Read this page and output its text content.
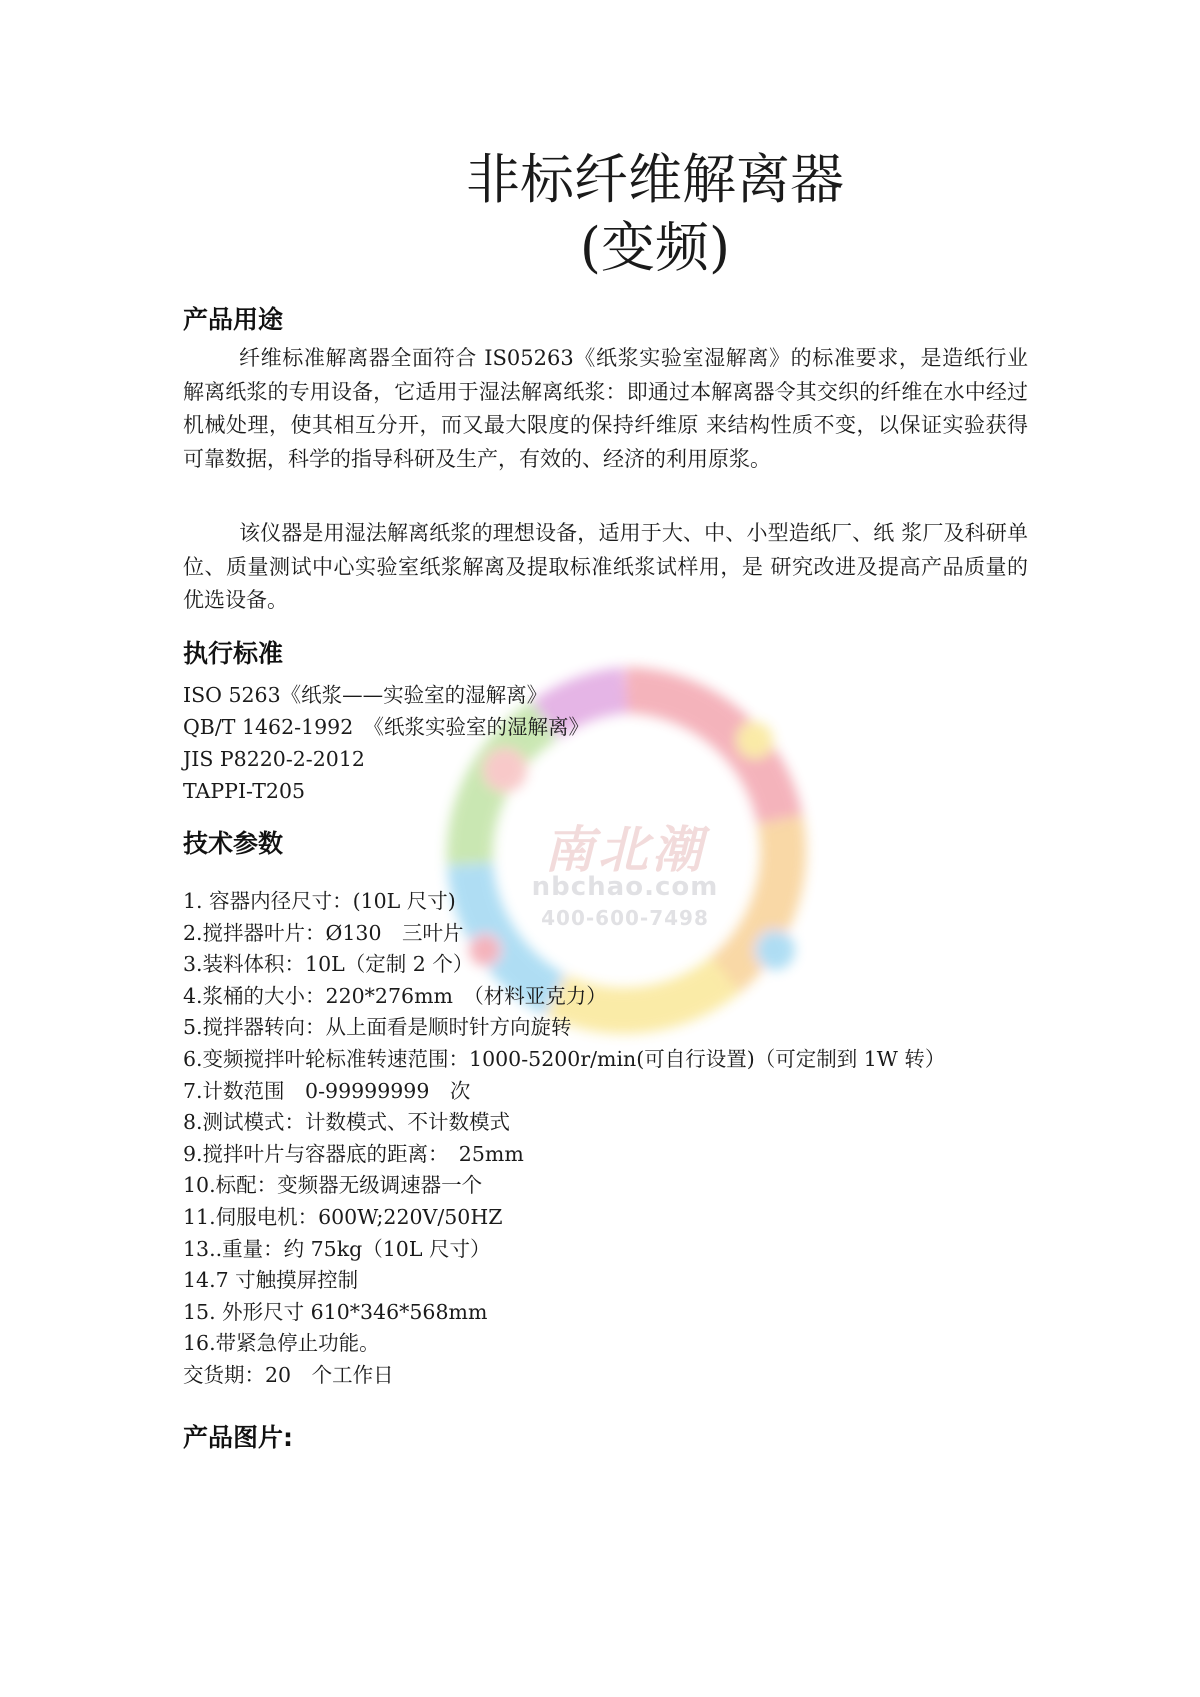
南北潮
nbchao.com
400-600-7498
非标纤维解离器
(变频)
产品用途

纤维标准解离器全面符合 IS05263《纸浆实验室湿解离》的标准要求，是造纸行业解离纸浆的专用设备，它适用于湿法解离纸浆：即通过本解离器令其交织的纤维在水中经过机械处理，使其相互分开，而又最大限度的保持纤维原 来结构性质不变，以保证实验获得可靠数据，科学的指导科研及生产，有效的、经济的利用原浆。

该仪器是用湿法解离纸浆的理想设备，适用于大、中、小型造纸厂、纸 浆厂及科研单位、质量测试中心实验室纸浆解离及提取标准纸浆试样用，是 研究改进及提高产品质量的优选设备。

执行标准
ISO 5263《纸浆——实验室的湿解离》
QB/T 1462-1992　《纸浆实验室的湿解离》
JIS P8220-2-2012
TAPPI-T205
技术参数
1. 容器内径尺寸：(10L 尺寸)
2.搅拌器叶片：Ø130　三叶片
3.装料体积：10L（定制 2 个）
4.浆桶的大小：220*276mm　（材料亚克力）
5.搅拌器转向：从上面看是顺时针方向旋转
6.变频搅拌叶轮标准转速范围：1000-5200r/min(可自行设置)（可定制到 1W 转）
7.计数范围　0-99999999　次
8.测试模式：计数模式、不计数模式
9.搅拌叶片与容器底的距离：　25mm
10.标配：变频器无级调速器一个
11.伺服电机：600W;220V/50HZ
13..重量：约 75kg（10L 尺寸）
14.7 寸触摸屏控制
15. 外形尺寸 610*346*568mm
16.带紧急停止功能。
交货期：20　个工作日
产品图片:
